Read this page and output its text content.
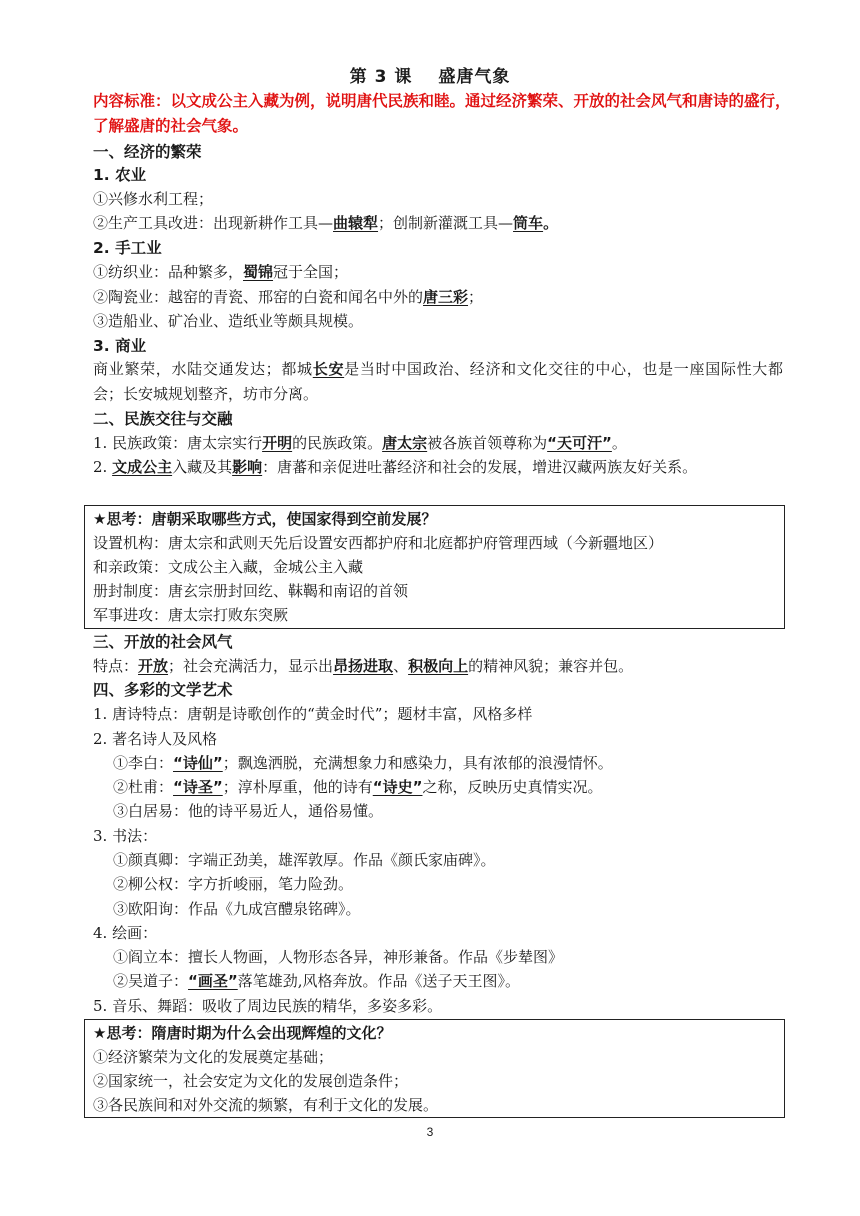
第 3 课 盛唐气象
内容标准：以文成公主入藏为例，说明唐代民族和睦。通过经济繁荣、开放的社会风气和唐诗的盛行，了解盛唐的社会气象。
一、经济的繁荣
1. 农业
①兴修水利工程；
②生产工具改进：出现新耕作工具—曲辕犁；创制新灌溉工具—筒车。
2. 手工业
①纺织业：品种繁多，蜀锦冠于全国；
②陶瓷业：越窑的青瓷、邢窑的白瓷和闻名中外的唐三彩；
③造船业、矿冶业、造纸业等颇具规模。
3. 商业
商业繁荣，水陆交通发达；都城长安是当时中国政治、经济和文化交往的中心，也是一座国际性大都会；长安城规划整齐，坊市分离。
二、民族交往与交融
1. 民族政策：唐太宗实行开明的民族政策。唐太宗被各族首领尊称为“天可汗”。
2. 文成公主入藏及其影响：唐蕃和亲促进吐蕃经济和社会的发展，增进汉藏两族友好关系。
★思考：唐朝采取哪些方式，使国家得到空前发展？
设置机构：唐太宗和武则天先后设置安西都护府和北庭都护府管理西域（今新疆地区）
和亲政策：文成公主入藏，金城公主入藏
册封制度：唐玄宗册封回纥、靺鞨和南诏的首领
军事进攻：唐太宗打败东突厥
三、开放的社会风气
特点：开放；社会充满活力，显示出昂扬进取、积极向上的精神风貌；兼容并包。
四、多彩的文学艺术
1. 唐诗特点：唐朝是诗歌创作的“黄金时代”；题材丰富，风格多样
2. 著名诗人及风格
①李白：“诗仙”；飘逸洒脱，充满想象力和感染力，具有浓郁的浪漫情怀。
②杜甫：“诗圣”；淳朴厚重，他的诗有“诗史”之称，反映历史真情实况。
③白居易：他的诗平易近人，通俗易懂。
3. 书法：
①颜真卿：字端正劲美，雄浑敦厚。作品《颜氏家庙碑》。
②柳公权：字方折峻丽，笔力险劲。
③欧阳询：作品《九成宫醴泉铭碑》。
4. 绘画：
①阎立本：擅长人物画，人物形态各异，神形兼备。作品《步辇图》
②吴道子：“画圣”落笔雄劲,风格奔放。作品《送子天王图》。
5. 音乐、舞蹈：吸收了周边民族的精华，多姿多彩。
★思考：隋唐时期为什么会出现辉煌的文化？
①经济繁荣为文化的发展奠定基础；
②国家统一，社会安定为文化的发展创造条件；
③各民族间和对外交流的频繁，有利于文化的发展。
3
